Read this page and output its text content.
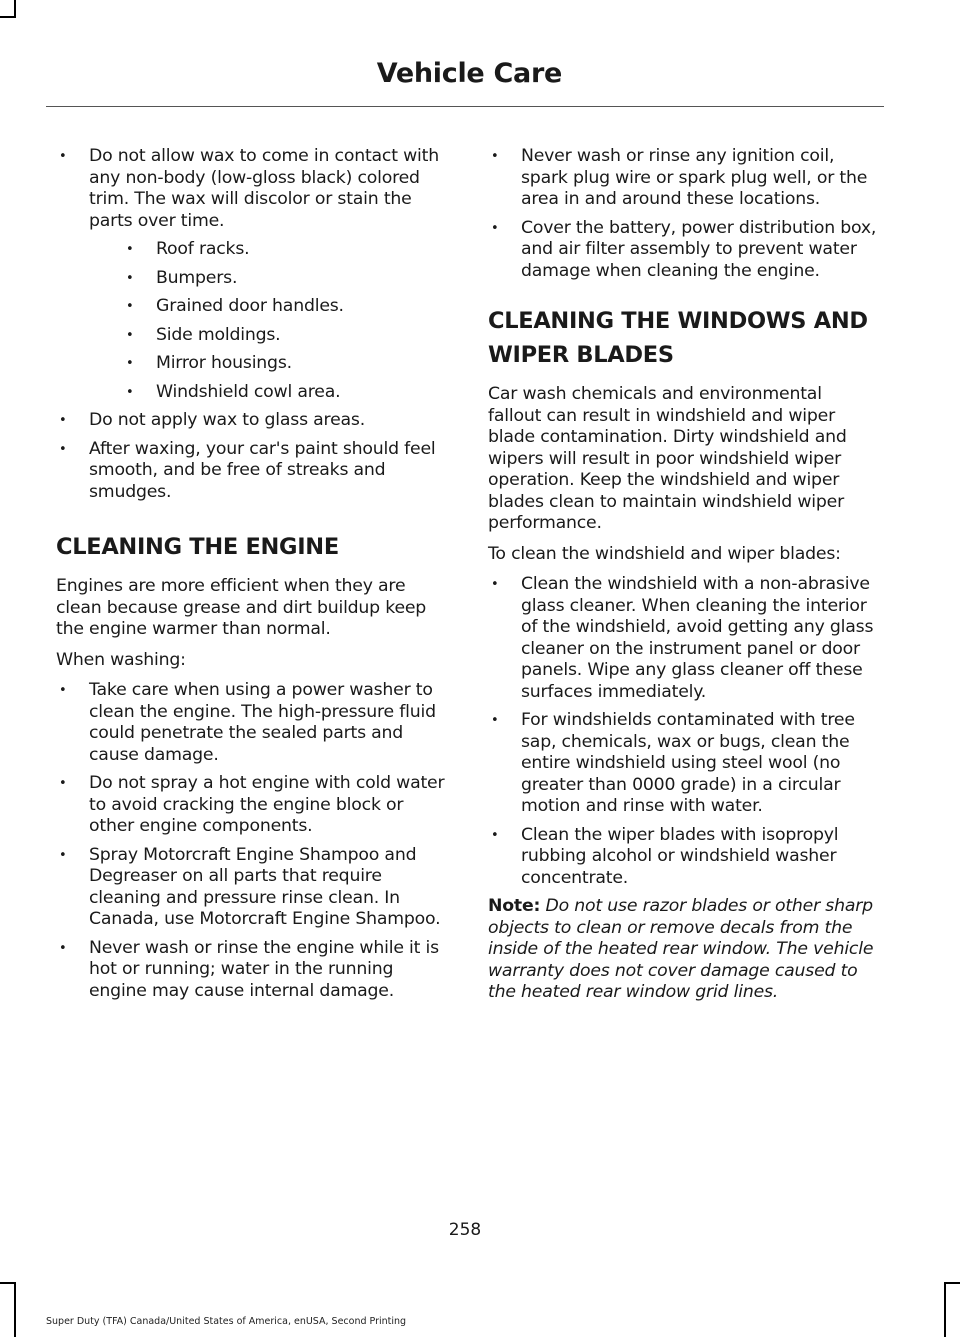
Vehicle Care
• Do not allow wax to come in contact with any non-body (low-gloss black) colored trim. The wax will discolor or stain the parts over time.
• Roof racks.
• Bumpers.
• Grained door handles.
• Side moldings.
• Mirror housings.
• Windshield cowl area.
• Do not apply wax to glass areas.
• After waxing, your car's paint should feel smooth, and be free of streaks and smudges.
CLEANING THE ENGINE

Engines are more efficient when they are clean because grease and dirt buildup keep the engine warmer than normal.

When washing:

• Take care when using a power washer to clean the engine. The high-pressure fluid could penetrate the sealed parts and cause damage.
• Do not spray a hot engine with cold water to avoid cracking the engine block or other engine components.
• Spray Motorcraft Engine Shampoo and Degreaser on all parts that require cleaning and pressure rinse clean. In Canada, use Motorcraft Engine Shampoo.
• Never wash or rinse the engine while it is hot or running; water in the running engine may cause internal damage.
• Never wash or rinse any ignition coil, spark plug wire or spark plug well, or the area in and around these locations.
• Cover the battery, power distribution box, and air filter assembly to prevent water damage when cleaning the engine.
CLEANING THE WINDOWS AND
WIPER BLADES

Car wash chemicals and environmental fallout can result in windshield and wiper blade contamination. Dirty windshield and wipers will result in poor windshield wiper operation. Keep the windshield and wiper blades clean to maintain windshield wiper performance.

To clean the windshield and wiper blades:

• Clean the windshield with a non-abrasive glass cleaner. When cleaning the interior of the windshield, avoid getting any glass cleaner on the instrument panel or door panels. Wipe any glass cleaner off these surfaces immediately.
• For windshields contaminated with tree sap, chemicals, wax or bugs, clean the entire windshield using steel wool (no greater than 0000 grade) in a circular motion and rinse with water.
• Clean the wiper blades with isopropyl rubbing alcohol or windshield washer concentrate.

Note: Do not use razor blades or other sharp objects to clean or remove decals from the inside of the heated rear window. The vehicle warranty does not cover damage caused to the heated rear window grid lines.

258
Super Duty (TFA) Canada/United States of America, enUSA, Second Printing
